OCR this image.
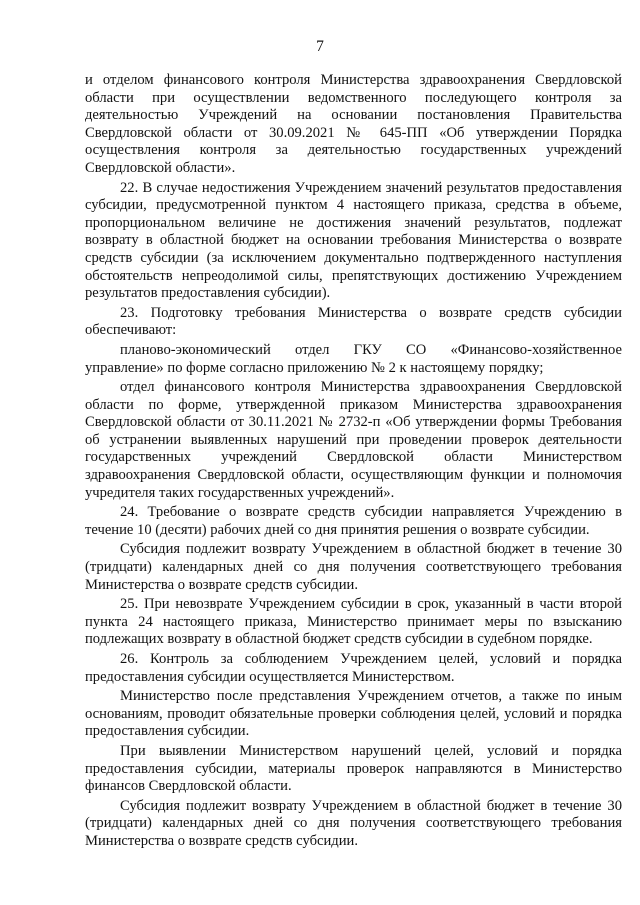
7

и отделом финансового контроля Министерства здравоохранения Свердловской области при осуществлении ведомственного последующего контроля за деятельностью Учреждений на основании постановления Правительства Свердловской области от 30.09.2021 № 645-ПП «Об утверждении Порядка осуществления контроля за деятельностью государственных учреждений Свердловской области».

22. В случае недостижения Учреждением значений результатов предоставления субсидии, предусмотренной пунктом 4 настоящего приказа, средства в объеме, пропорциональном величине не достижения значений результатов, подлежат возврату в областной бюджет на основании требования Министерства о возврате средств субсидии (за исключением документально подтвержденного наступления обстоятельств непреодолимой силы, препятствующих достижению Учреждением результатов предоставления субсидии).

23. Подготовку требования Министерства о возврате средств субсидии обеспечивают:

планово-экономический отдел ГКУ СО «Финансово-хозяйственное управление» по форме согласно приложению № 2 к настоящему порядку;

отдел финансового контроля Министерства здравоохранения Свердловской области по форме, утвержденной приказом Министерства здравоохранения Свердловской области от 30.11.2021 № 2732-п «Об утверждении формы Требования об устранении выявленных нарушений при проведении проверок деятельности государственных учреждений Свердловской области Министерством здравоохранения Свердловской области, осуществляющим функции и полномочия учредителя таких государственных учреждений».

24. Требование о возврате средств субсидии направляется Учреждению в течение 10 (десяти) рабочих дней со дня принятия решения о возврате субсидии.

Субсидия подлежит возврату Учреждением в областной бюджет в течение 30 (тридцати) календарных дней со дня получения соответствующего требования Министерства о возврате средств субсидии.

25. При невозврате Учреждением субсидии в срок, указанный в части второй пункта 24 настоящего приказа, Министерство принимает меры по взысканию подлежащих возврату в областной бюджет средств субсидии в судебном порядке.

26. Контроль за соблюдением Учреждением целей, условий и порядка предоставления субсидии осуществляется Министерством.

Министерство после представления Учреждением отчетов, а также по иным основаниям, проводит обязательные проверки соблюдения целей, условий и порядка предоставления субсидии.

При выявлении Министерством нарушений целей, условий и порядка предоставления субсидии, материалы проверок направляются в Министерство финансов Свердловской области.

Субсидия подлежит возврату Учреждением в областной бюджет в течение 30 (тридцати) календарных дней со дня получения соответствующего требования Министерства о возврате средств субсидии.
